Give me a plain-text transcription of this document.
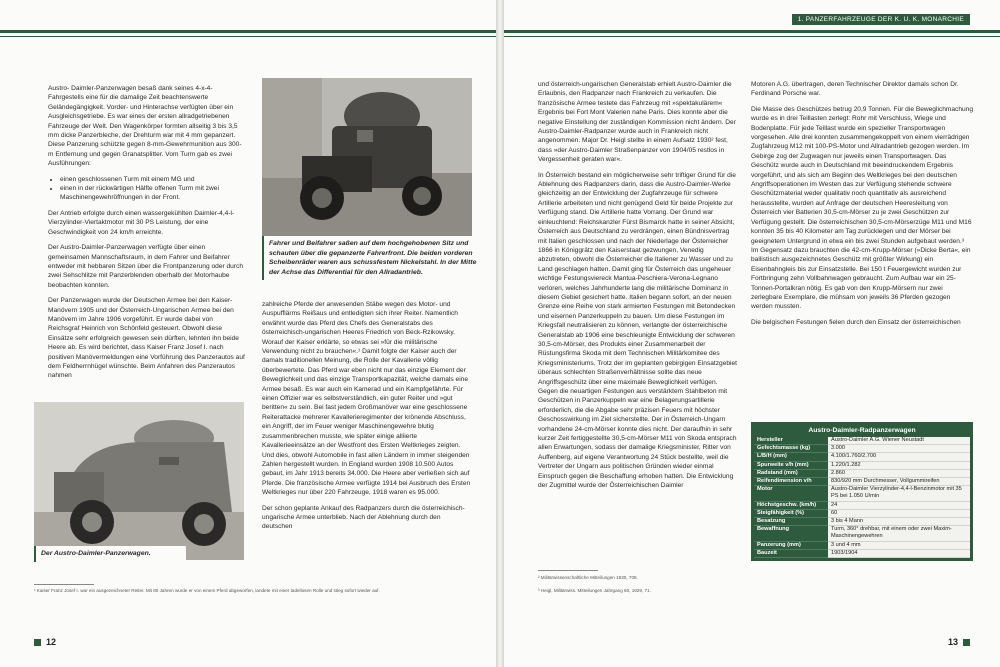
Austro- Daimler-Panzerwagen besaß dank seines 4-x-4-Fahrgestells eine für die damalige Zeit beachtenswerte Geländegängigkeit. Vorder- und Hinterachse verfügten über ein Ausgleichsgetriebe. Es war eines der ersten allradgetriebenen Fahrzeuge der Welt. Den Wagenkörper formten allseitig 3 bis 3,5 mm dicke Panzerbleche, der Drehturm war mit 4 mm gepanzert. Diese Panzerung schützte gegen 8-mm-Gewehrmunition aus 300-m Entfernung und gegen Granatsplitter. Vom Turm gab es zwei Ausführungen:

• einen geschlossenen Turm mit einem MG und
• einen in der rückwärtigen Hälfte offenen Turm mit zwei Maschinengewehröffnungen in der Front.

Der Antrieb erfolgte durch einen wassergekühlten Daimler-4,4-l-Vierzylinder-Viertaktmotor mit 30 PS Leistung, der eine Geschwindigkeit von 24 km/h erreichte.

Der Austro-Daimler-Panzerwagen verfügte über einen gemeinsamen Mannschaftsraum, in dem Fahrer und Beifahrer entweder mit hebbaren Sitzen über die Frontpanzerung oder durch zwei Sehschlitze mit Panzerblenden oberhalb der Motorhaube beobachten konnten.

Der Panzerwagen wurde der Deutschen Armee bei den Kaiser-Manövern 1905 und der Österreich-Ungarischen Armee bei den Manövern im Jahre 1906 vorgeführt. Er wurde dabei von Reichsgraf Heinrich von Schönfeld gesteuert. Obwohl diese Einsätze sehr erfolgreich gewesen sein dürften, lehnten ihn beide Heere ab. Es wird berichtet, dass Kaiser Franz Josef I. nach positiven Manövermeldungen eine Vorführung des Panzerautos auf dem Feldherrnhügel wünschte. Beim Anfahren des Panzerautos nahmen

Fahrer und Beifahrer saßen auf dem hochgehobenen Sitz und schauten über die gepanzerte Fahrerfront. Die beiden vorderen Scheibenräder waren aus schussfestem Nickelstahl. In der Mitte der Achse das Differential für den Allradantrieb.

zahlreiche Pferde der anwesenden Stäbe wegen des Motor- und Auspufflärms Reißaus und entledigten sich ihrer Reiter. Namentlich erwähnt wurde das Pferd des Chefs des Generalstabs des österreichisch-ungarischen Heeres Friedrich von Beck-Rzikowsky. Worauf der Kaiser erklärte, so etwas sei »für die militärische Verwendung nicht zu brauchen«.¹ Damit folgte der Kaiser auch der damals traditionellen Meinung, die Rolle der Kavallerie völlig überbewertete. Das Pferd war eben nicht nur das einzige Element der Beweglichkeit und das einzige Transportkapazität, welche damals eine Armee besaß. Es war auch ein Kamerad und ein Kampfgefährte. Für einen Offizier war es selbstverständlich, ein guter Reiter und »gut beritten« zu sein. Bei fast jedem Großmanöver war eine geschlossene Reiterattacke mehrerer Kavallerieregimenter der krönende Abschluss, ein Angriff, der im Feuer weniger Maschinengewehre blutig zusammenbrechen musste, wie später einige alliierte Kavallerieeinsätze an der Westfront des Ersten Weltkrieges zeigten. Und dies, obwohl Automobile in fast allen Ländern in immer steigenden Zahlen hergestellt wurden. In England wurden 1908 10.500 Autos gebaut, im Jahr 1913 bereits 34.000. Die Heere aber verließen sich auf Pferde. Die französische Armee verfügte 1914 bei Ausbruch des Ersten Weltkrieges nur über 220 Fahrzeuge, 1918 waren es 95.000.

Der schon geplante Ankauf des Radpanzers durch die österreichisch-ungarische Armee unterblieb. Nach der Ablehnung durch den deutschen

Der Austro-Daimler-Panzerwagen.
¹ Kaiser Franz Josef I. war ein ausgezeichneter Reiter. Mit 80 Jahren wurde er von einem Pferd abgeworfen, landete mit einer tadellosen Rolle und stieg sofort wieder auf.
12
1. PANZERFAHRZEUGE DER K. U. K. MONARCHIE

und österreich-ungarischen Generalstab erhielt Austro-Daimler die Erlaubnis, den Radpanzer nach Frankreich zu verkaufen. Die französische Armee testete das Fahrzeug mit »spektakulärem« Ergebnis bei Fort Mont Valerien nahe Paris. Dies konnte aber die negative Einstellung der zuständigen Kommission nicht ändern. Der Austro-Daimler-Radpanzer wurde auch in Frankreich nicht angenommen. Major Dr. Heigl stellte in einem Aufsatz 1930² fest, dass »der Austro-Daimler Straßenpanzer von 1904/05 restlos in Vergessenheit geraten war«.

In Österreich bestand ein möglicherweise sehr triftiger Grund für die Ablehnung des Radpanzers darin, dass die Austro-Daimler-Werke gleichzeitig an der Entwicklung der Zugfahrzeuge für schwere Artillerie arbeiteten und nicht genügend Geld für beide Projekte zur Verfügung stand. Die Artillerie hatte Vorrang. Der Grund war einleuchtend: Reichskanzler Fürst Bismarck hatte in seiner Absicht, Österreich aus Deutschland zu verdrängen, einen Bündnisvertrag mit Italien geschlossen und nach der Niederlage der Österreicher 1866 in Königgrätz den Kaiserstaat gezwungen, Venedig abzutreten, obwohl die Österreicher die Italiener zu Wasser und zu Land geschlagen hatten. Damit ging für Österreich das ungeheuer wichtige Festungsviereck Mantua-Peschiera-Verona-Legnano verloren, welches Jahrhunderte lang die militärische Dominanz in diesem Gebiet gesichert hatte. Italien begann sofort, an der neuen Grenze eine Reihe von stark armierten Festungen mit Betondecken und eisernen Panzerkuppeln zu bauen. Um diese Festungen im Kriegsfall neutralisieren zu können, verlangte der österreichische Generalstab ab 1906 eine beschleunigte Entwicklung der schweren 30,5-cm-Mörser, des Produkts einer Zusammenarbeit der Rüstungsfirma Skoda mit dem Technischen Militärkomitee des Kriegsministeriums. Trotz der im geplanten gebirgigen Einsatzgebiet überaus schlechten Straßenverhältnisse sollte das neue Angriffsgeschütz über eine maximale Beweglichkeit verfügen. Gegen die neuartigen Festungen aus verstärktem Stahlbeton mit Geschützen in Panzerkuppeln war eine Belagerungsartillerie erforderlich, die die Abgabe sehr präzisen Feuers mit höchster Geschosswirkung im Ziel sicherstellte. Der in Österreich-Ungarn vorhandene 24-cm-Mörser konnte dies nicht. Der daraufhin in sehr kurzer Zeit fertiggestellte 30,5-cm-Mörser M11 von Skoda entsprach allen Erwartungen, sodass der damalige Kriegsminister, Ritter von Auffenberg, auf eigene Verantwortung 24 Stück bestellte, weil die Vertreter der Ungarn aus politischen Gründen wieder einmal Einspruch gegen die Beschaffung erhoben hatten. Die Entwicklung der Zugmittel wurde der Österreichischen Daimler

Motoren A.G. übertragen, deren Technischer Direktor damals schon Dr. Ferdinand Porsche war.

Die Masse des Geschützes betrug 20,9 Tonnen. Für die Beweglichmachung wurde es in drei Teillasten zerlegt: Rohr mit Verschluss, Wiege und Bodenplatte. Für jede Teillast wurde ein spezieller Transportwagen vorgesehen. Alle drei konnten zusammengekoppelt von einem vierrädrigen Zugfahrzeug M12 mit 100-PS-Motor und Allradantrieb gezogen werden. Im Gebirge zog der Zugwagen nur jeweils einen Transportwagen. Das Geschütz wurde auch in Deutschland mit beeindruckendem Ergebnis vorgeführt, und als sich am Beginn des Weltkrieges bei den deutschen Angriffsoperationen im Westen das zur Verfügung stehende schwere Geschützmaterial weder qualitativ noch quantitativ als ausreichend herausstellte, wurden auf Anfrage der deutschen Heeresleitung von Österreich vier Batterien 30,5-cm-Mörser zu je zwei Geschützen zur Verfügung gestellt. Die österreichischen 30,5-cm-Mörserzüge M11 und M16 konnten 35 bis 40 Kilometer am Tag zurücklegen und der Mörser bei geeignetem Untergrund in etwa ein bis zwei Stunden aufgebaut werden.³ Im Gegensatz dazu brauchten die 42-cm-Krupp-Mörser (»Dicke Berta«, ein ballistisch ausgezeichnetes Geschütz mit größter Wirkung) ein Eisenbahngleis bis zur Einsatzstelle. Bei 150 t Feuergewicht wurden zur Fortbringung zehn Vollbahnwagen gebraucht. Zum Aufbau war ein 25-Tonnen-Portalkran nötig. Es gab von den Krupp-Mörsern nur zwei zerlegbare Exemplare, die mühsam von jeweils 36 Pferden gezogen werden mussten.

Die belgischen Festungen fielen durch den Einsatz der österreichischen

Austro-Daimler-Radpanzerwagen
Hersteller	Austro-Daimler A.G. Wiener Neustadt
Gefechtsmasse (kg)	3.000
L/B/H (mm)	4.100/1.760/2.700
Spurweite v/h (mm)	1.220/1.282
Radstand (mm)	2.860
Reifendimension v/h	830/920 mm Durchmesser, Vollgummireifen
Motor	Austro-Daimler Vierzylinder-4,4-l-Benzinmotor mit 35 PS bei 1.050 U/min
Höchstgeschw. (km/h)	24
Steigfähigkeit (%)	60
Besatzung	3 bis 4 Mann
Bewaffnung	Turm, 360° drehbar, mit einem oder zwei Maxim-Maschinengewehren
Panzerung (mm)	3 und 4 mm
Bauzeit	1903/1904
² Militärwissenschaftliche Mitteilungen 1930, 708.
³ Heigl, Militärwiss. Mitteilungen Jahrgang 60, 1929, 71.
13
